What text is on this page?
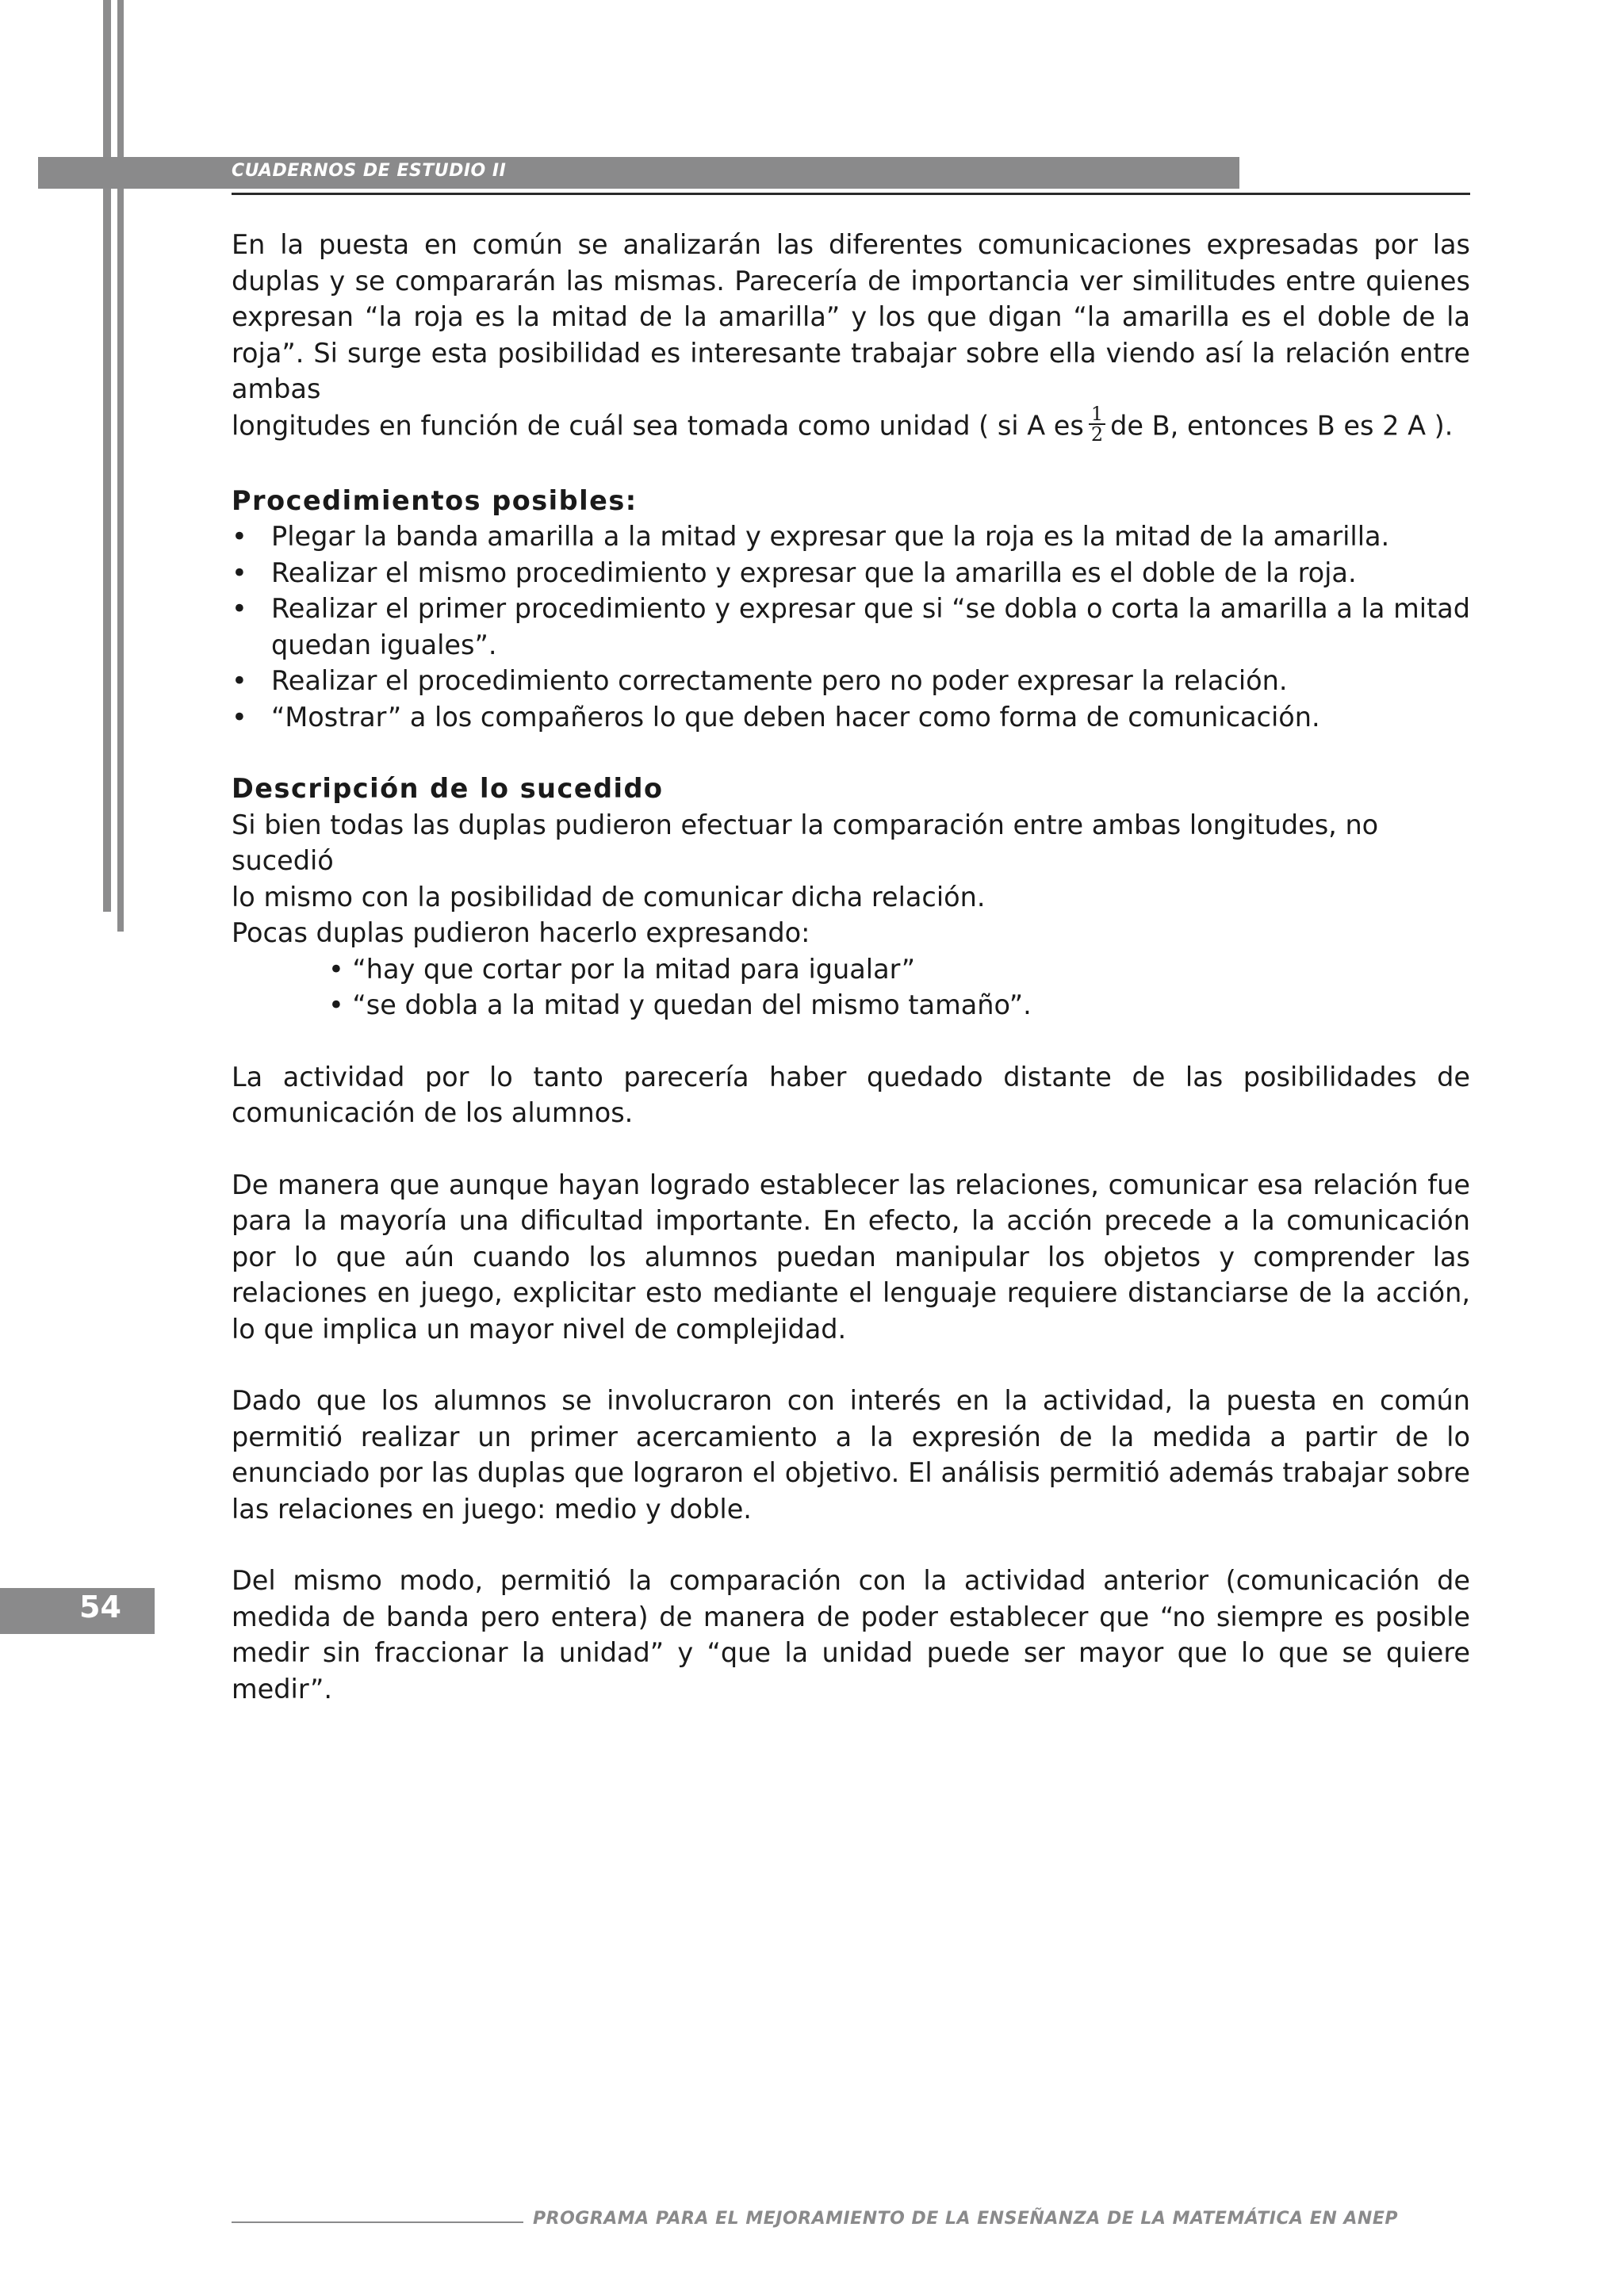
CUADERNOS DE ESTUDIO II
54

En la puesta en común se analizarán las diferentes comunicaciones expresadas por las duplas y se compararán las mismas. Parecería de importancia ver similitudes entre quienes expresan “la roja es la mitad de la amarilla” y los que digan “la amarilla es el doble de la roja”. Si surge esta posibilidad es interesante trabajar sobre ella viendo así la relación entre ambas
longitudes en función de cuál sea tomada como unidad ( si A es $\frac{1}{2}$ de B, entonces B es 2 A ).

Procedimientos posibles:

• Plegar la banda amarilla a la mitad y expresar que la roja es la mitad de la amarilla.

• Realizar el mismo procedimiento y expresar que la amarilla es el doble de la roja.

• Realizar el primer procedimiento y expresar que si “se dobla o corta la amarilla a la mitad quedan iguales”.

• Realizar el procedimiento correctamente pero no poder expresar la relación.

• “Mostrar” a los compañeros lo que deben hacer como forma de comunicación.

Descripción de lo sucedido

Si bien todas las duplas pudieron efectuar la comparación entre ambas longitudes, no sucedió

lo mismo con la posibilidad de comunicar dicha relación.

Pocas duplas pudieron hacerlo expresando:

• “hay que cortar por la mitad para igualar”

• “se dobla a la mitad y quedan del mismo tamaño”.

La actividad por lo tanto parecería haber quedado distante de las posibilidades de comunicación de los alumnos.

De manera que aunque hayan logrado establecer las relaciones, comunicar esa relación fue para la mayoría una dificultad importante. En efecto, la acción precede a la comunicación por lo que aún cuando los alumnos puedan manipular los objetos y comprender las relaciones en juego, explicitar esto mediante el lenguaje requiere distanciarse de la acción, lo que implica un mayor nivel de complejidad.

Dado que los alumnos se involucraron con interés en la actividad, la puesta en común permitió realizar un primer acercamiento a la expresión de la medida a partir de lo enunciado por las duplas que lograron el objetivo. El análisis permitió además trabajar sobre las relaciones en juego: medio y doble.

Del mismo modo, permitió la comparación con la actividad anterior (comunicación de medida de banda pero entera) de manera de poder establecer que “no siempre es posible medir sin fraccionar la unidad” y “que la unidad puede ser mayor que lo que se quiere medir”.

PROGRAMA PARA EL MEJORAMIENTO DE LA ENSEÑANZA DE LA MATEMÁTICA EN ANEP
